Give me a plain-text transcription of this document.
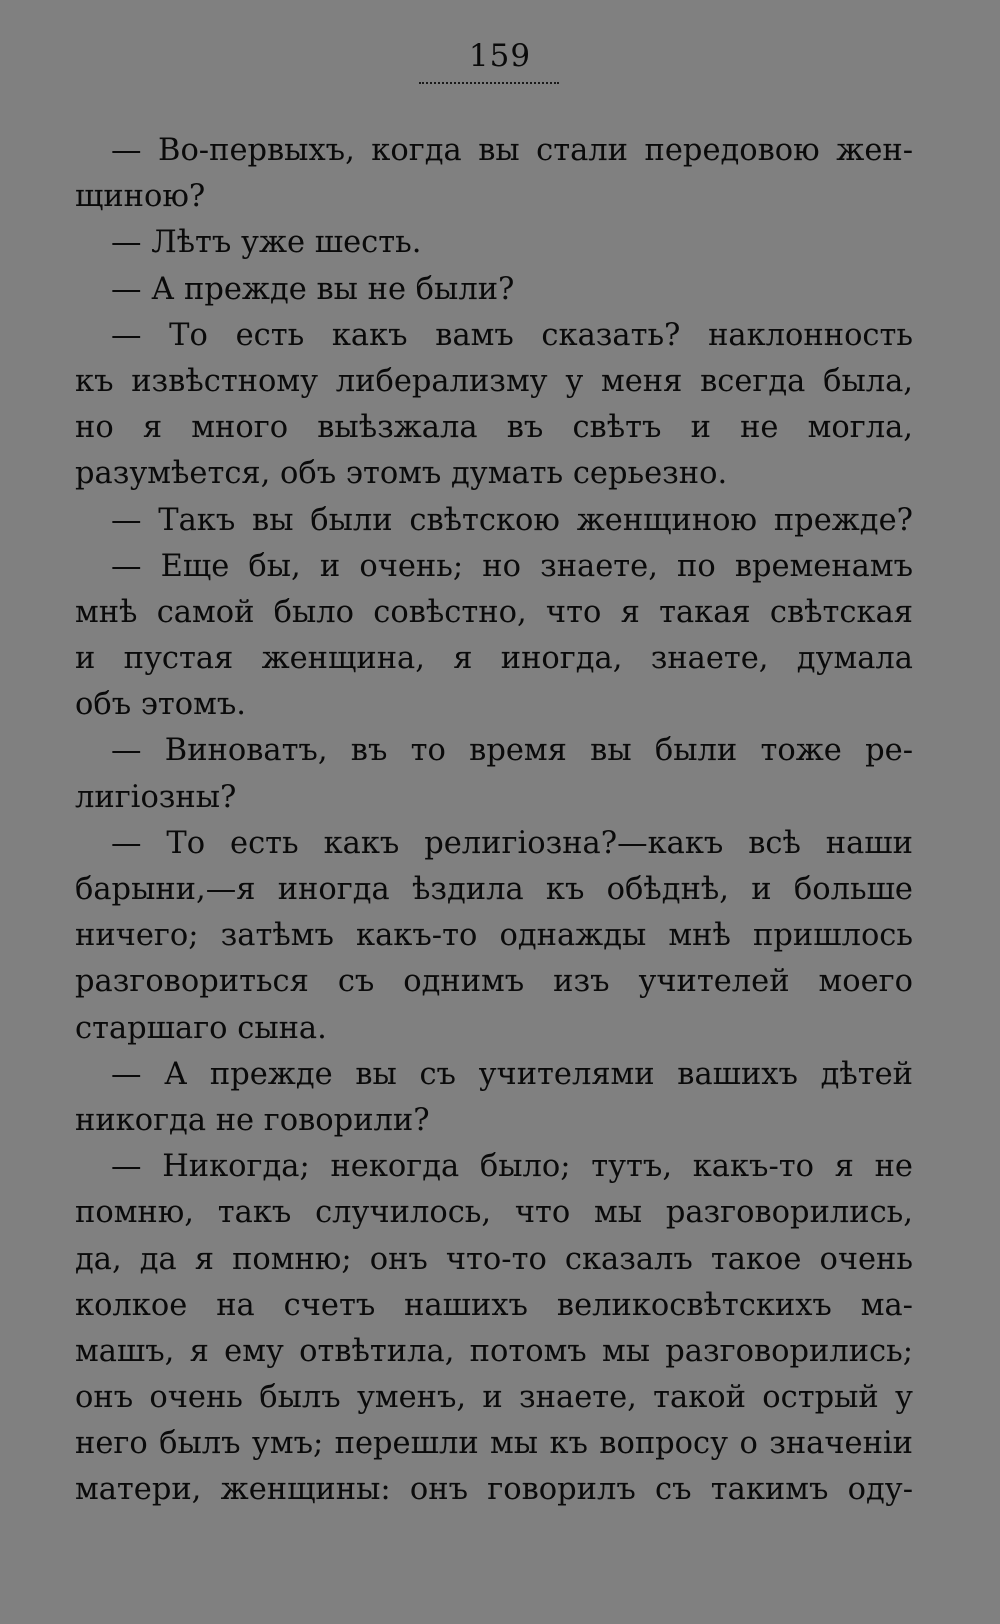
159
— Во-первыхъ, когда вы стали передовою жен-
щиною?
— Лѣтъ уже шесть.
— А прежде вы не были?
— То есть какъ вамъ сказать? наклонность
къ извѣстному либерализму у меня всегда была,
но я много выѣзжала въ свѣтъ и не могла,
разумѣется, объ этомъ думать серьезно.
— Такъ вы были свѣтскою женщиною прежде?
— Еще бы, и очень; но знаете, по временамъ
мнѣ самой было совѣстно, что я такая свѣтская
и пустая женщина, я иногда, знаете, думала
объ этомъ.
— Виноватъ, въ то время вы были тоже ре-
лигіозны?
— То есть какъ религіозна?—какъ всѣ наши
барыни,—я иногда ѣздила къ обѣднѣ, и больше
ничего; затѣмъ какъ-то однажды мнѣ пришлось
разговориться съ однимъ изъ учителей моего
старшаго сына.
— А прежде вы съ учителями вашихъ дѣтей
никогда не говорили?
— Никогда; некогда было; тутъ, какъ-то я не
помню, такъ случилось, что мы разговорились,
да, да я помню; онъ что-то сказалъ такое очень
колкое на счетъ нашихъ великосвѣтскихъ ма-
машъ, я ему отвѣтила, потомъ мы разговорились;
онъ очень былъ уменъ, и знаете, такой острый у
него былъ умъ; перешли мы къ вопросу о значеніи
матери, женщины: онъ говорилъ съ такимъ оду-
